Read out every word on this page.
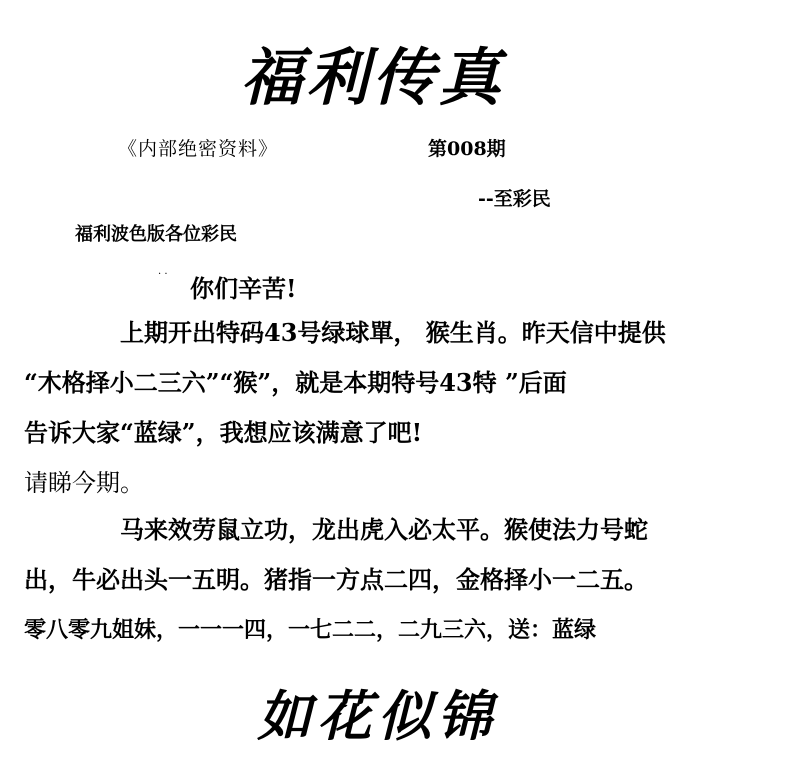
福利传真
《内部绝密资料》	第008期
--至彩民
福利波色版各位彩民
. .
你们辛苦!
上期开出特码43号绿球單， 猴生肖。昨天信中提供
“木格择小二三六”“猴”，就是本期特号43特 ”后面
告诉大家“蓝绿”，我想应该满意了吧!
请睇今期。
马来效劳鼠立功，龙出虎入必太平。猴使法力号蛇
出，牛必出头一五明。猪指一方点二四，金格择小一二五。
零八零九姐妹，一一一四，一七二二，二九三六，送：蓝绿
如花似锦
